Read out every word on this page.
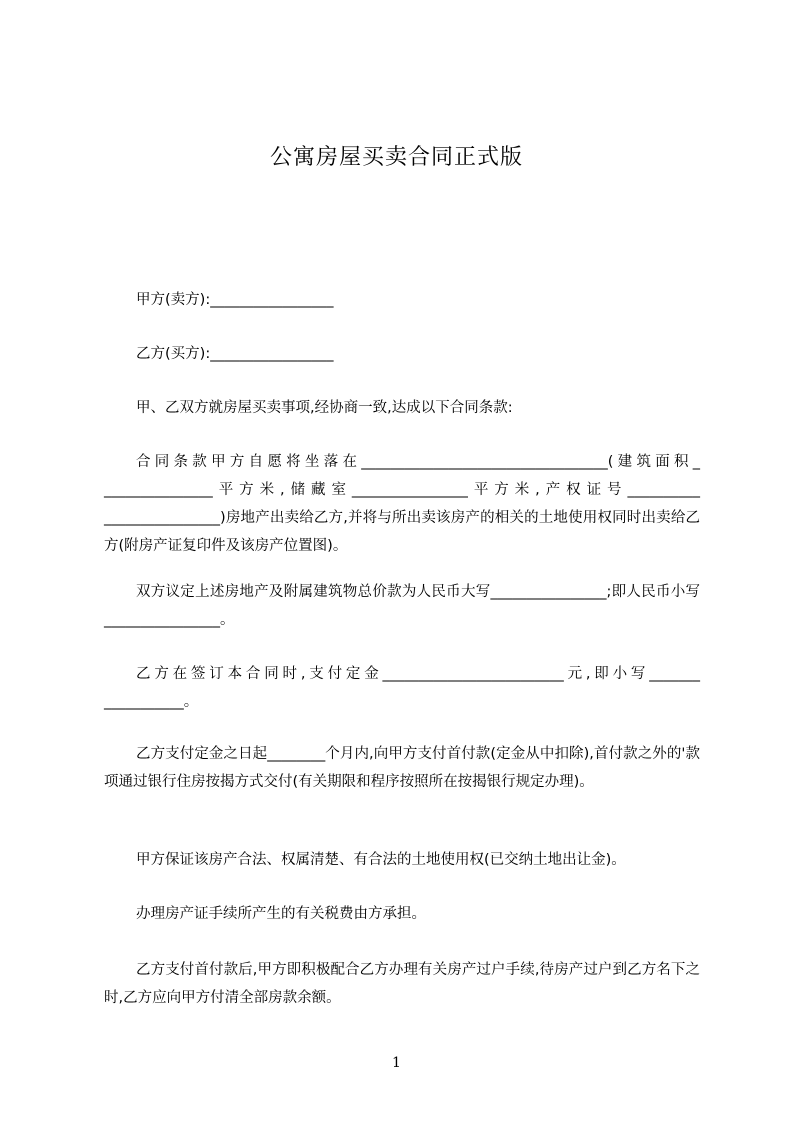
公寓房屋买卖合同正式版
甲方(卖方):_________________
乙方(买方):_________________
甲、乙双方就房屋买卖事项,经协商一致,达成以下合同条款:
合同条款甲方自愿将坐落在__________________________________(建筑面积_ _______________平方米,储藏室________________平方米,产权证号__________ ________________)房地产出卖给乙方,并将与所出卖该房产的相关的土地使用权同时出卖给乙方(附房产证复印件及该房产位置图)。
双方议定上述房地产及附属建筑物总价款为人民币大写________________;即人民币小写________________。
乙方在签订本合同时,支付定金_________________________元,即小写_______ ___________。
乙方支付定金之日起________个月内,向甲方支付首付款(定金从中扣除),首付款之外的'款项通过银行住房按揭方式交付(有关期限和程序按照所在按揭银行规定办理)。
甲方保证该房产合法、权属清楚、有合法的土地使用权(已交纳土地出让金)。
办理房产证手续所产生的有关税费由方承担。
乙方支付首付款后,甲方即积极配合乙方办理有关房产过户手续,待房产过户到乙方名下之时,乙方应向甲方付清全部房款余额。
1
